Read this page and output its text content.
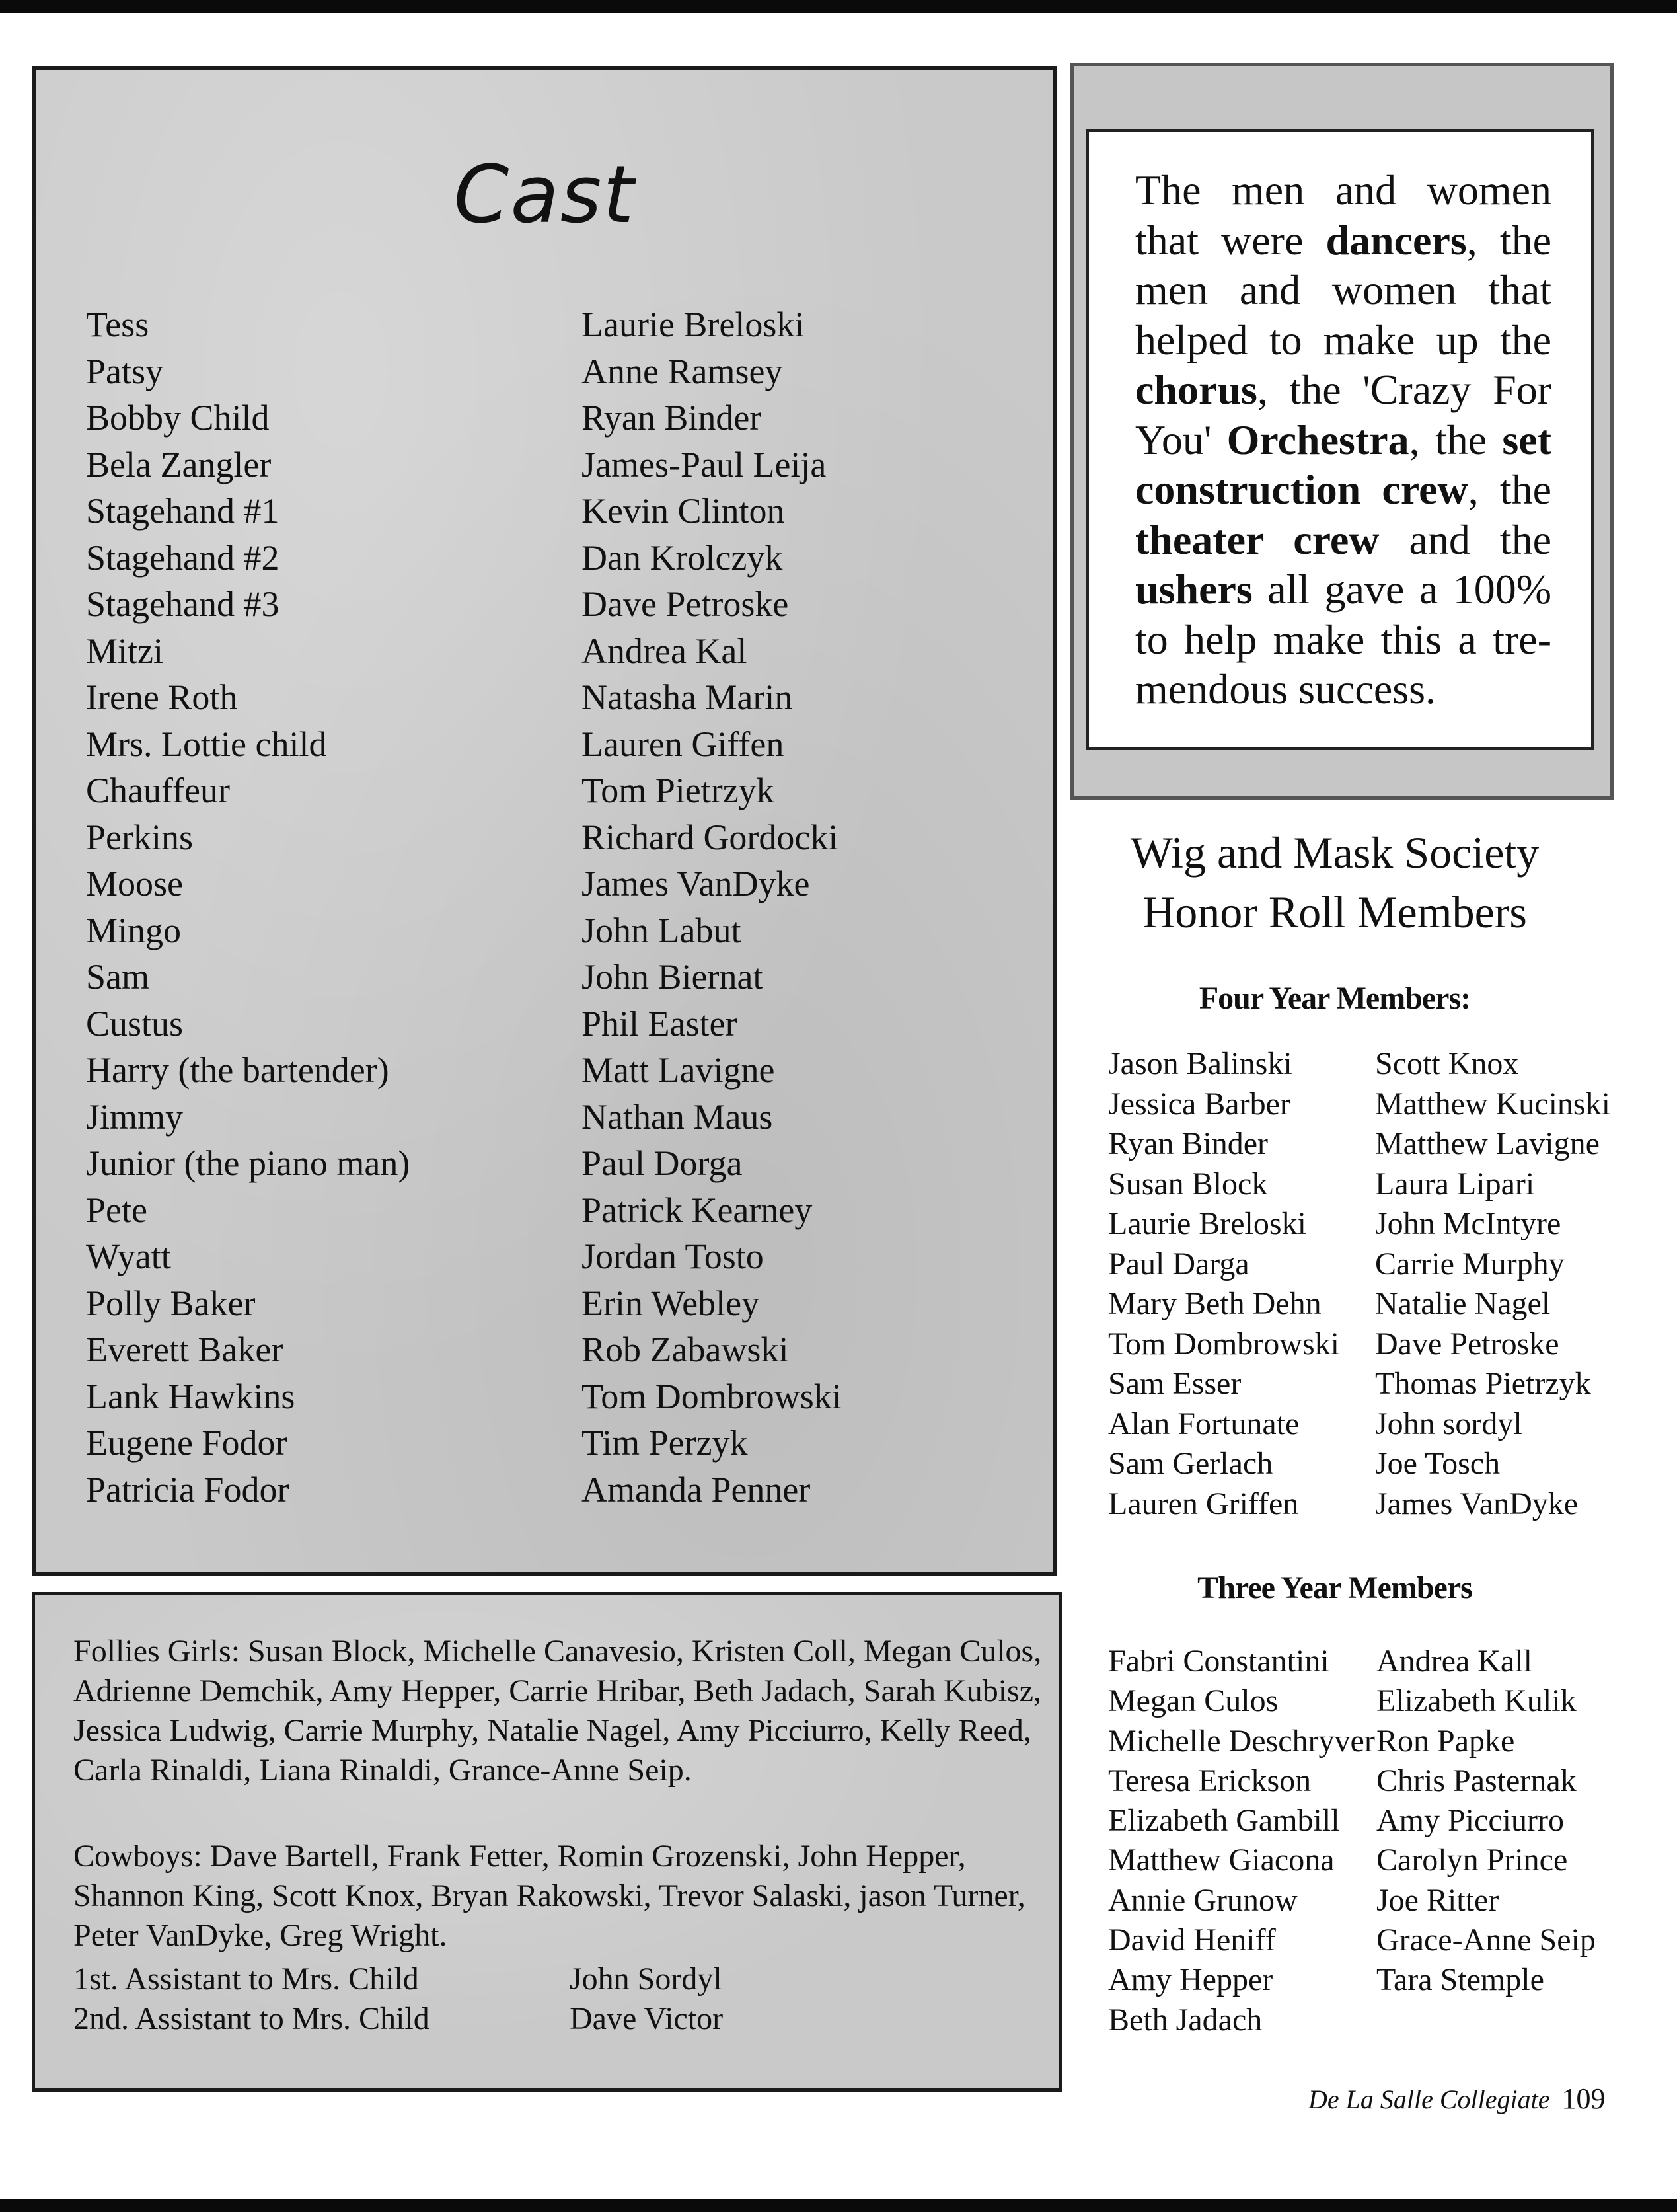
Cast
Tess
Patsy
Bobby Child
Bela Zangler
Stagehand #1
Stagehand #2
Stagehand #3
Mitzi
Irene Roth
Mrs. Lottie child
Chauffeur
Perkins
Moose
Mingo
Sam
Custus
Harry (the bartender)
Jimmy
Junior (the piano man)
Pete
Wyatt
Polly Baker
Everett Baker
Lank Hawkins
Eugene Fodor
Patricia Fodor
Laurie Breloski
Anne Ramsey
Ryan Binder
James-Paul Leija
Kevin Clinton
Dan Krolczyk
Dave Petroske
Andrea Kal
Natasha Marin
Lauren Giffen
Tom Pietrzyk
Richard Gordocki
James VanDyke
John Labut
John Biernat
Phil Easter
Matt Lavigne
Nathan Maus
Paul Dorga
Patrick Kearney
Jordan Tosto
Erin Webley
Rob Zabawski
Tom Dombrowski
Tim Perzyk
Amanda Penner

Follies Girls: Susan Block, Michelle Canavesio, Kristen Coll, Megan Culos, Adrienne Demchik, Amy Hepper, Carrie Hribar, Beth Jadach, Sarah Kubisz, Jessica Ludwig, Carrie Murphy, Natalie Nagel, Amy Picciurro, Kelly Reed, Carla Rinaldi, Liana Rinaldi, Grance-Anne Seip.

Cowboys: Dave Bartell, Frank Fetter, Romin Grozenski, John Hepper, Shannon King, Scott Knox, Bryan Rakowski, Trevor Salaski, jason Turner, Peter VanDyke, Greg Wright.

1st. Assistant to Mrs. Child	John Sordyl
2nd. Assistant to Mrs. Child	Dave Victor
The men and women that were dancers, the men and women that helped to make up the chorus, the 'Crazy For You' Orchestra, the set construction crew, the theater crew and the ushers all gave a 100% to help make this a tre-mendous success.
Wig and Mask Society
Honor Roll Members
Four Year Members:
Jason Balinski
Jessica Barber
Ryan Binder
Susan Block
Laurie Breloski
Paul Darga
Mary Beth Dehn
Tom Dombrowski
Sam Esser
Alan Fortunate
Sam Gerlach
Lauren Griffen
Scott Knox
Matthew Kucinski
Matthew Lavigne
Laura Lipari
John McIntyre
Carrie Murphy
Natalie Nagel
Dave Petroske
Thomas Pietrzyk
John sordyl
Joe Tosch
James VanDyke
Three Year Members
Fabri Constantini
Megan Culos
Michelle Deschryver
Teresa Erickson
Elizabeth Gambill
Matthew Giacona
Annie Grunow
David Heniff
Amy Hepper
Beth Jadach
Andrea Kall
Elizabeth Kulik
Ron Papke
Chris Pasternak
Amy Picciurro
Carolyn Prince
Joe Ritter
Grace-Anne Seip
Tara Stemple
De La Salle Collegiate 109
